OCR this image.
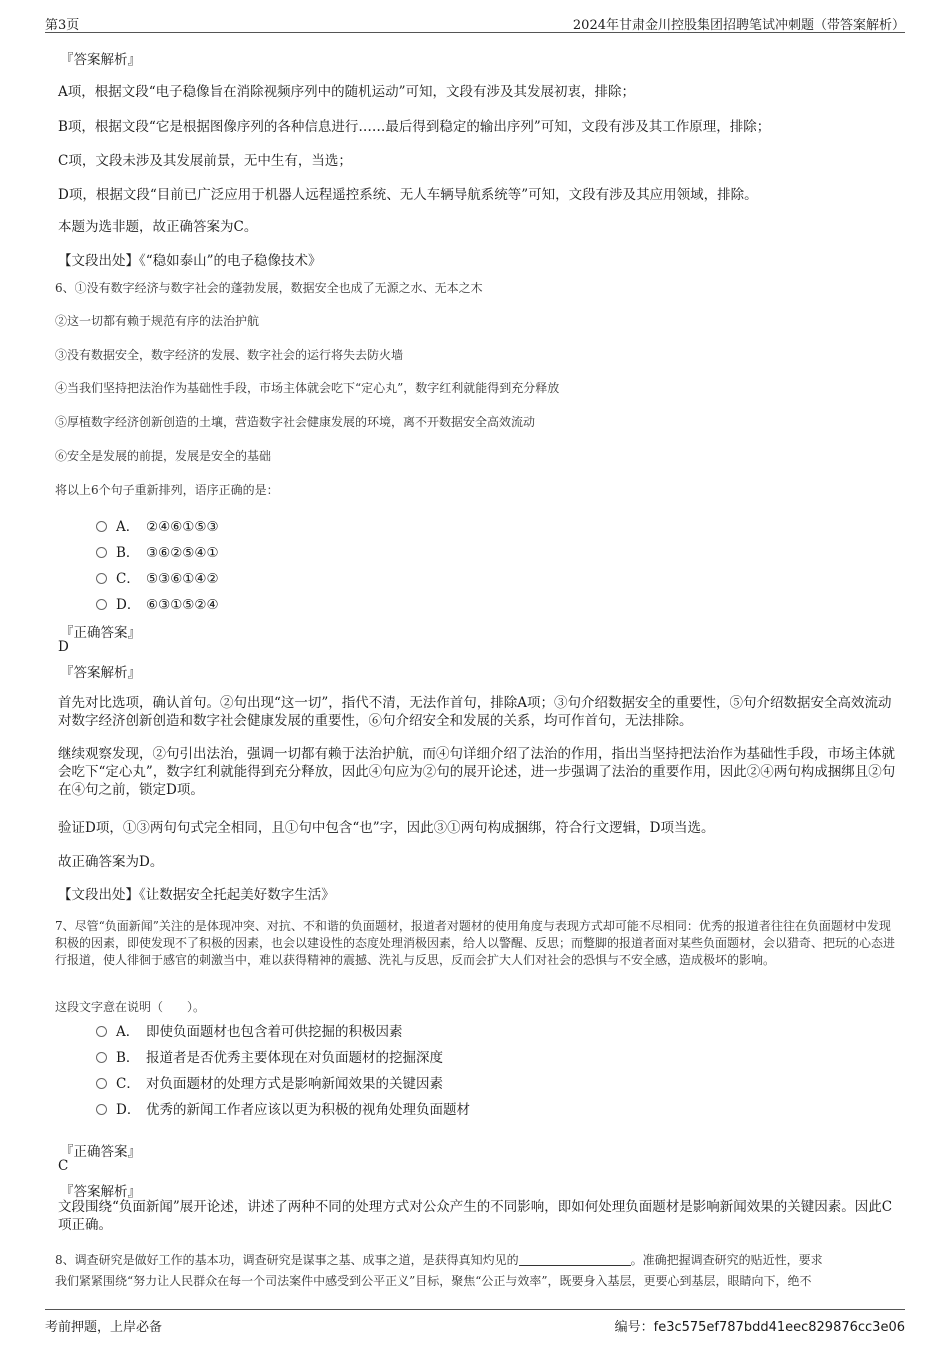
第3页	2024年甘肃金川控股集团招聘笔试冲刺题（带答案解析）
『答案解析』
A项，根据文段“电子稳像旨在消除视频序列中的随机运动”可知，文段有涉及其发展初衷，排除；
B项，根据文段“它是根据图像序列的各种信息进行……最后得到稳定的输出序列”可知，文段有涉及其工作原理，排除；
C项，文段未涉及其发展前景，无中生有，当选；
D项，根据文段“目前已广泛应用于机器人远程遥控系统、无人车辆导航系统等”可知，文段有涉及其应用领域，排除。
本题为选非题，故正确答案为C。
【文段出处】《“稳如泰山”的电子稳像技术》
6、①没有数字经济与数字社会的蓬勃发展，数据安全也成了无源之水、无本之木
②这一切都有赖于规范有序的法治护航
③没有数据安全，数字经济的发展、数字社会的运行将失去防火墙
④当我们坚持把法治作为基础性手段，市场主体就会吃下“定心丸”，数字红利就能得到充分释放
⑤厚植数字经济创新创造的土壤，营造数字社会健康发展的环境，离不开数据安全高效流动
⑥安全是发展的前提，发展是安全的基础
将以上6个句子重新排列，语序正确的是：
A． ②④⑥①⑤③
B． ③⑥②⑤④①
C． ⑤③⑥①④②
D． ⑥③①⑤②④
『正确答案』
D
『答案解析』
首先对比选项，确认首句。②句出现“这一切”，指代不清，无法作首句，排除A项；③句介绍数据安全的重要性，⑤句介绍数据安全高效流动对数字经济创新创造和数字社会健康发展的重要性，⑥句介绍安全和发展的关系，均可作首句，无法排除。
继续观察发现，②句引出法治，强调一切都有赖于法治护航，而④句详细介绍了法治的作用，指出当坚持把法治作为基础性手段，市场主体就会吃下“定心丸”，数字红利就能得到充分释放，因此④句应为②句的展开论述，进一步强调了法治的重要作用，因此②④两句构成捆绑且②句在④句之前，锁定D项。
验证D项，①③两句句式完全相同，且①句中包含“也”字，因此③①两句构成捆绑，符合行文逻辑，D项当选。
故正确答案为D。
【文段出处】《让数据安全托起美好数字生活》
7、尽管“负面新闻”关注的是体现冲突、对抗、不和谐的负面题材，报道者对题材的使用角度与表现方式却可能不尽相同：优秀的报道者往往在负面题材中发现积极的因素，即使发现不了积极的因素，也会以建设性的态度处理消极因素，给人以警醒、反思；而蹩脚的报道者面对某些负面题材，会以猎奇、把玩的心态进行报道，使人徘徊于感官的刺激当中，难以获得精神的震撼、洗礼与反思，反而会扩大人们对社会的恐惧与不安全感，造成极坏的影响。
这段文字意在说明（　　）。
A． 即使负面题材也包含着可供挖掘的积极因素
B． 报道者是否优秀主要体现在对负面题材的挖掘深度
C． 对负面题材的处理方式是影响新闻效果的关键因素
D． 优秀的新闻工作者应该以更为积极的视角处理负面题材
『正确答案』
C
『答案解析』
文段围绕“负面新闻”展开论述，讲述了两种不同的处理方式对公众产生的不同影响，即如何处理负面题材是影响新闻效果的关键因素。因此C项正确。
8、调查研究是做好工作的基本功，调查研究是谋事之基、成事之道，是获得真知灼见的	。准确把握调查研究的贴近性，要求
我们紧紧围绕“努力让人民群众在每一个司法案件中感受到公平正义”目标，聚焦“公正与效率”，既要身入基层，更要心到基层，眼睛向下，绝不
考前押题，上岸必备	编号：fe3c575ef787bdd41eec829876cc3e06
